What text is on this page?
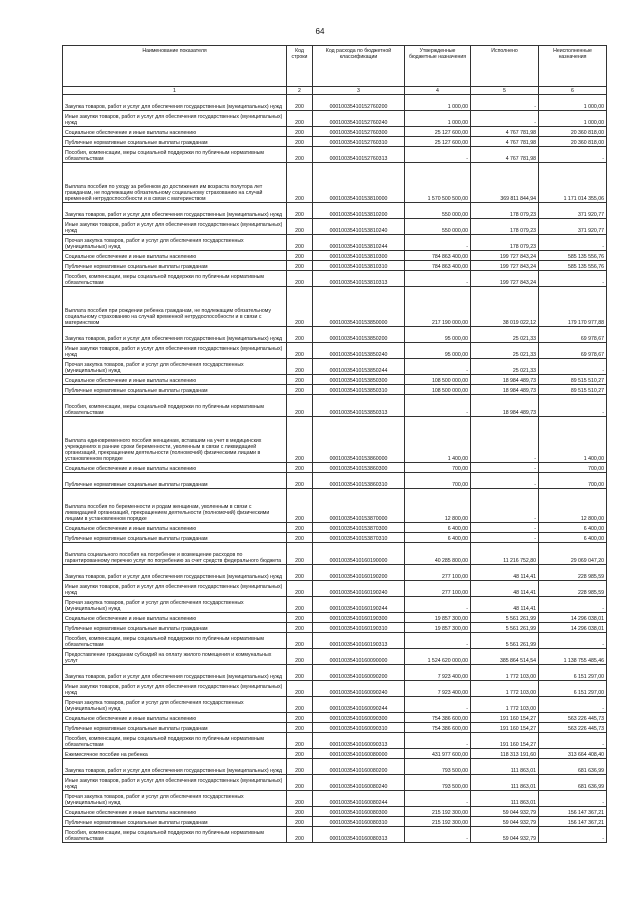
64
Наименование показателя	Код строки	Код расхода по бюджетной классификации	Утвержденные бюджетные назначения	Исполнено	Неисполненные назначения
1	2	3	4	5	6
Закупка товаров, работ и услуг для обеспечения государственных (муниципальных) нужд	200	00010035410152760200	1 000,00	-	1 000,00
Иные закупки товаров, работ и услуг для обеспечения государственных (муниципальных) нужд	200	00010035410152760240	1 000,00	-	1 000,00
Социальное обеспечение и иные выплаты населению	200	00010035410152760300	25 127 600,00	4 767 781,98	20 360 818,00
Публичные нормативные социальные выплаты гражданам	200	00010035410152760310	25 127 600,00	4 767 781,98	20 360 818,00
Пособия, компенсации, меры социальной поддержки по публичным нормативным обязательствам	200	00010035410152760313	-	4 767 781,98	-
Выплата пособия по уходу за ребенком до достижения им возраста полутора лет гражданам, не подлежащим обязательному социальному страхованию на случай временной нетрудоспособности и в связи с материнством	200	00010035410153810000	1 570 500 500,00	369 811 844,94	1 171 014 355,06
Закупка товаров, работ и услуг для обеспечения государственных (муниципальных) нужд	200	00010035410153810200	550 000,00	178 079,23	371 920,77
Иные закупки товаров, работ и услуг для обеспечения государственных (муниципальных) нужд	200	00010035410153810240	550 000,00	178 079,23	371 920,77
Прочая закупка товаров, работ и услуг для обеспечения государственных (муниципальных) нужд	200	00010035410153810244	-	178 079,23	-
Социальное обеспечение и иные выплаты населению	200	00010035410153810300	784 863 400,00	199 727 843,24	585 135 556,76
Публичные нормативные социальные выплаты гражданам	200	00010035410153810310	784 863 400,00	199 727 843,24	585 135 556,76
Пособия, компенсации, меры социальной поддержки по публичным нормативным обязательствам	200	00010035410153810313	-	199 727 843,24	-
Выплата пособия при рождении ребенка гражданам, не подлежащим обязательному социальному страхованию на случай временной нетрудоспособности и в связи с материнством	200	00010035410153850000	217 190 000,00	38 019 022,12	179 170 977,88
Закупка товаров, работ и услуг для обеспечения государственных (муниципальных) нужд	200	00010035410153850200	95 000,00	25 021,33	69 978,67
Иные закупки товаров, работ и услуг для обеспечения государственных (муниципальных) нужд	200	00010035410153850240	95 000,00	25 021,33	69 978,67
Прочая закупка товаров, работ и услуг для обеспечения государственных (муниципальных) нужд	200	00010035410153850244	-	25 021,33	-
Социальное обеспечение и иные выплаты населению	200	00010035410153850300	108 500 000,00	18 984 489,73	89 515 510,27
Публичные нормативные социальные выплаты гражданам	200	00010035410153850310	108 500 000,00	18 984 489,73	89 515 510,27
Пособия, компенсации, меры социальной поддержки по публичным нормативным обязательствам	200	00010035410153850313	-	18 984 489,73	-
Выплата единовременного пособия женщинам, вставшим на учет в медицинских учреждениях в ранние сроки беременности, уволенным в связи с ликвидацией организаций, прекращением деятельности (полномочий) физическими лицами в установленном порядке	200	00010035410153860000	1 400,00	-	1 400,00
Социальное обеспечение и иные выплаты населению	200	00010035410153860300	700,00	-	700,00
Публичные нормативные социальные выплаты гражданам	200	00010035410153860310	700,00	-	700,00
Выплата пособия по беременности и родам женщинам, уволенным в связи с ликвидацией организаций, прекращением деятельности (полномочий) физическими лицами в установленном порядке	200	00010035410153870000	12 800,00	-	12 800,00
Социальное обеспечение и иные выплаты населению	200	00010035410153870300	6 400,00	-	6 400,00
Публичные нормативные социальные выплаты гражданам	200	00010035410153870310	6 400,00	-	6 400,00
Выплата социального пособия на погребение и возмещение расходов по гарантированному перечню услуг по погребению за счет средств федерального бюджета	200	00010035410160190000	40 285 800,00	11 216 752,80	29 069 047,20
Закупка товаров, работ и услуг для обеспечения государственных (муниципальных) нужд	200	00010035410160190200	277 100,00	48 114,41	228 985,59
Иные закупки товаров, работ и услуг для обеспечения государственных (муниципальных) нужд	200	00010035410160190240	277 100,00	48 114,41	228 985,59
Прочая закупка товаров, работ и услуг для обеспечения государственных (муниципальных) нужд	200	00010035410160190244	-	48 114,41	-
Социальное обеспечение и иные выплаты населению	200	00010035410160190300	19 857 300,00	5 561 261,99	14 296 038,01
Публичные нормативные социальные выплаты гражданам	200	00010035410160190310	19 857 300,00	5 561 261,99	14 296 038,01
Пособия, компенсации, меры социальной поддержки по публичным нормативным обязательствам	200	00010035410160190313	-	5 561 261,99	-
Предоставление гражданам субсидий на оплату жилого помещения и коммунальных услуг	200	00010035410160090000	1 524 620 000,00	385 864 514,54	1 138 755 485,46
Закупка товаров, работ и услуг для обеспечения государственных (муниципальных) нужд	200	00010035410160090200	7 923 400,00	1 772 103,00	6 151 297,00
Иные закупки товаров, работ и услуг для обеспечения государственных (муниципальных) нужд	200	00010035410160090240	7 923 400,00	1 772 103,00	6 151 297,00
Прочая закупка товаров, работ и услуг для обеспечения государственных (муниципальных) нужд	200	00010035410160090244	-	1 772 103,00	-
Социальное обеспечение и иные выплаты населению	200	00010035410160090300	754 386 600,00	191 160 154,27	563 226 445,73
Публичные нормативные социальные выплаты гражданам	200	00010035410160090310	754 386 600,00	191 160 154,27	563 226 445,73
Пособия, компенсации, меры социальной поддержки по публичным нормативным обязательствам	200	00010035410160090313	-	191 160 154,27	-
Ежемесячное пособие на ребенка	200	00010035410160080000	431 977 600,00	118 313 191,60	313 664 408,40
Закупка товаров, работ и услуг для обеспечения государственных (муниципальных) нужд	200	00010035410160080200	793 500,00	111 863,01	681 636,99
Иные закупки товаров, работ и услуг для обеспечения государственных (муниципальных) нужд	200	00010035410160080240	793 500,00	111 863,01	681 636,99
Прочая закупка товаров, работ и услуг для обеспечения государственных (муниципальных) нужд	200	00010035410160080244	-	111 863,01	-
Социальное обеспечение и иные выплаты населению	200	00010035410160080300	215 192 300,00	59 044 932,79	156 147 367,21
Публичные нормативные социальные выплаты гражданам	200	00010035410160080310	215 192 300,00	59 044 932,79	156 147 367,21
Пособия, компенсации, меры социальной поддержки по публичным нормативным обязательствам	200	00010035410160080313	-	59 044 932,79	-
